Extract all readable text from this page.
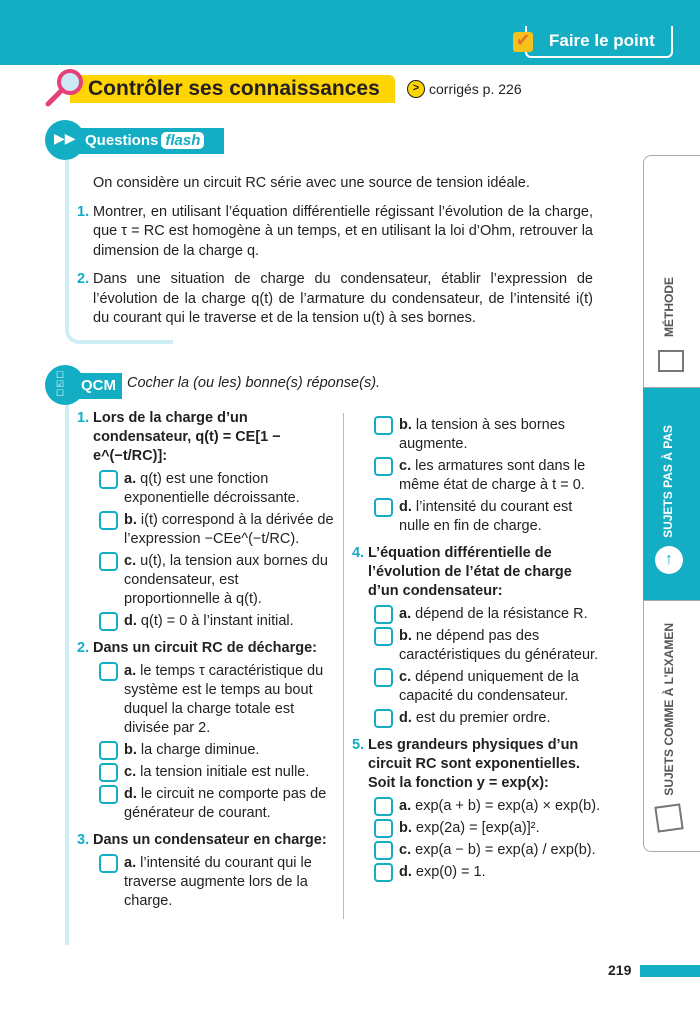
Faire le point
✔
Contrôler ses connaissances	> corrigés p. 226
Questions flash
▶▶
On considère un circuit RC série avec une source de tension idéale.
1. Montrer, en utilisant l’équation différentielle régissant l’évolution de la charge, que τ = RC est homogène à un temps, et en utilisant la loi d’Ohm, retrouver la dimension de la charge q.
2. Dans une situation de charge du condensateur, établir l’expression de l’évolution de la charge q(t) de l’armature du condensateur, de l’intensité i(t) du courant qui le traverse et de la tension u(t) à ses bornes.
QCM
☐
☑
☐
Cocher la (ou les) bonne(s) réponse(s).
1. Lors de la charge d’un condensateur, q(t) = CE[1 − e^(−t/RC)]:
a. q(t) est une fonction exponentielle décroissante.
b. i(t) correspond à la dérivée de l’expression −CEe^(−t/RC).
c. u(t), la tension aux bornes du condensateur, est proportionnelle à q(t).
d. q(t) = 0 à l’instant initial.
2. Dans un circuit RC de décharge:
a. le temps τ caractéristique du système est le temps au bout duquel la charge totale est divisée par 2.
b. la charge diminue.
c. la tension initiale est nulle.
d. le circuit ne comporte pas de générateur de courant.
3. Dans un condensateur en charge:
a. l’intensité du courant qui le traverse augmente lors de la charge.
b. la tension à ses bornes augmente.
c. les armatures sont dans le même état de charge à t = 0.
d. l’intensité du courant est nulle en fin de charge.
4. L’équation différentielle de l’évolution de l’état de charge d’un condensateur:
a. dépend de la résistance R.
b. ne dépend pas des caractéristiques du générateur.
c. dépend uniquement de la capacité du condensateur.
d. est du premier ordre.
5. Les grandeurs physiques d’un circuit RC sont exponentielles. Soit la fonction y = exp(x):
a. exp(a + b) = exp(a) × exp(b).
b. exp(2a) = [exp(a)]².
c. exp(a − b) = exp(a) / exp(b).
d. exp(0) = 1.
MÉTHODE
SUJETS PAS À PAS
↑
SUJETS COMME À L’EXAMEN
219
